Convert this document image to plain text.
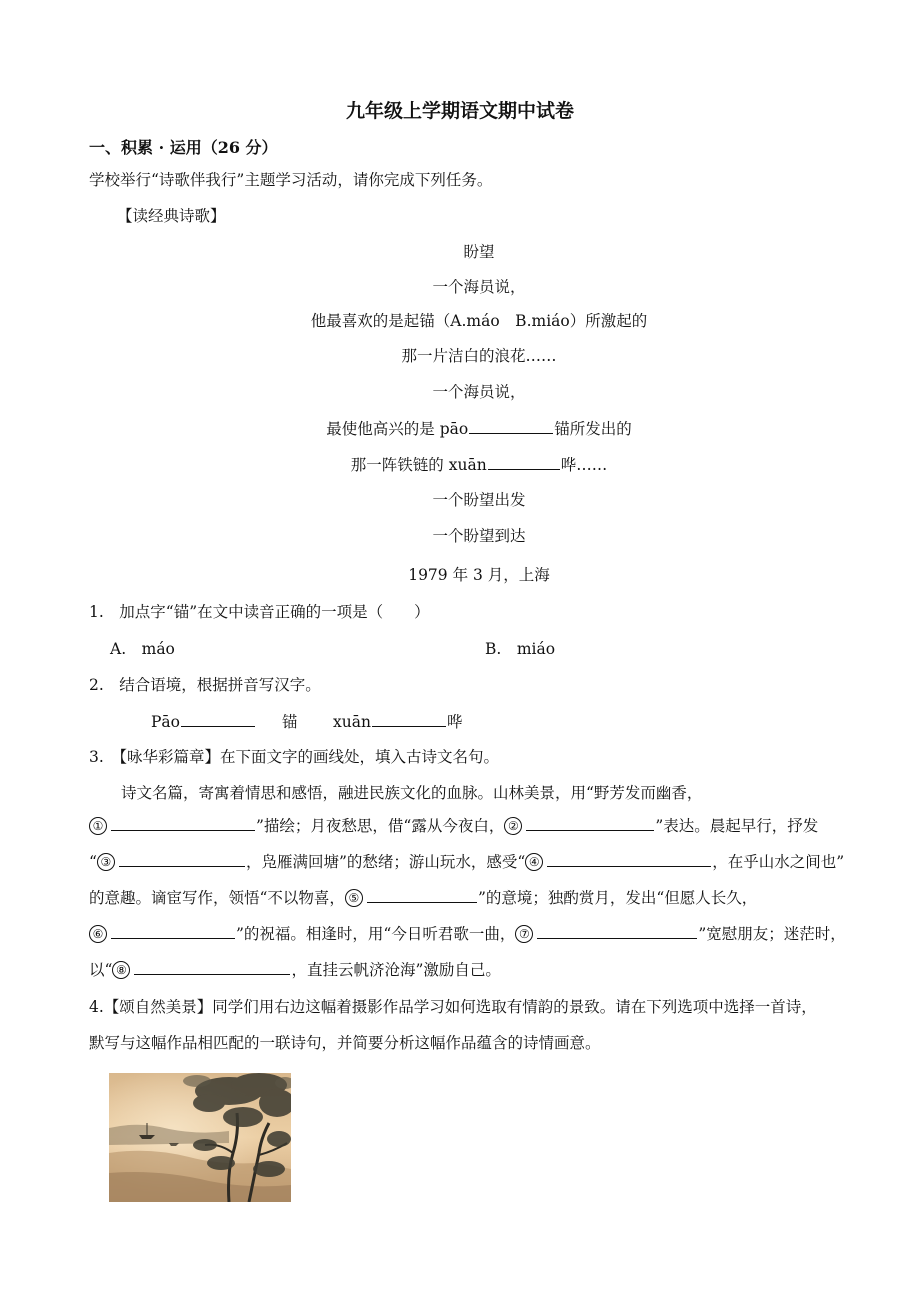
九年级上学期语文期中试卷
一、积累 · 运用（26 分）
学校举行“诗歌伴我行”主题学习活动，请你完成下列任务。
【读经典诗歌】
盼望
一个海员说，
他最喜欢的是起锚（A.máo　B.miáo）所激起的
那一片洁白的浪花……
一个海员说，
最使他高兴的是 pāo	锚所发出的
那一阵铁链的 xuān	哗……
一个盼望出发
一个盼望到达
1979 年 3 月，上海
1.　加点字“锚”在文中读音正确的一项是（　　）
A.　máo	B.　miáo
2.　结合语境，根据拼音写汉字。
Pāo	锚 xuān	哗
3.　【咏华彩篇章】在下面文字的画线处，填入古诗文名句。
诗文名篇，寄寓着情思和感悟，融进民族文化的血脉。山林美景，用“野芳发而幽香，
①	”描绘；月夜愁思，借“露从今夜白， ②	”表达。晨起早行，抒发
“ ③	，凫雁满回塘”的愁绪；游山玩水，感受“ ④	，在乎山水之间也”
的意趣。谪宦写作，领悟“不以物喜， ⑤	”的意境；独酌赏月，发出“但愿人长久，
⑥	”的祝福。相逢时，用“今日听君歌一曲， ⑦	”宽慰朋友；迷茫时，
以“ ⑧	，直挂云帆济沧海”激励自己。
4.【颂自然美景】同学们用右边这幅着摄影作品学习如何选取有情韵的景致。请在下列选项中选择一首诗，
默写与这幅作品相匹配的一联诗句，并简要分析这幅作品蕴含的诗情画意。
